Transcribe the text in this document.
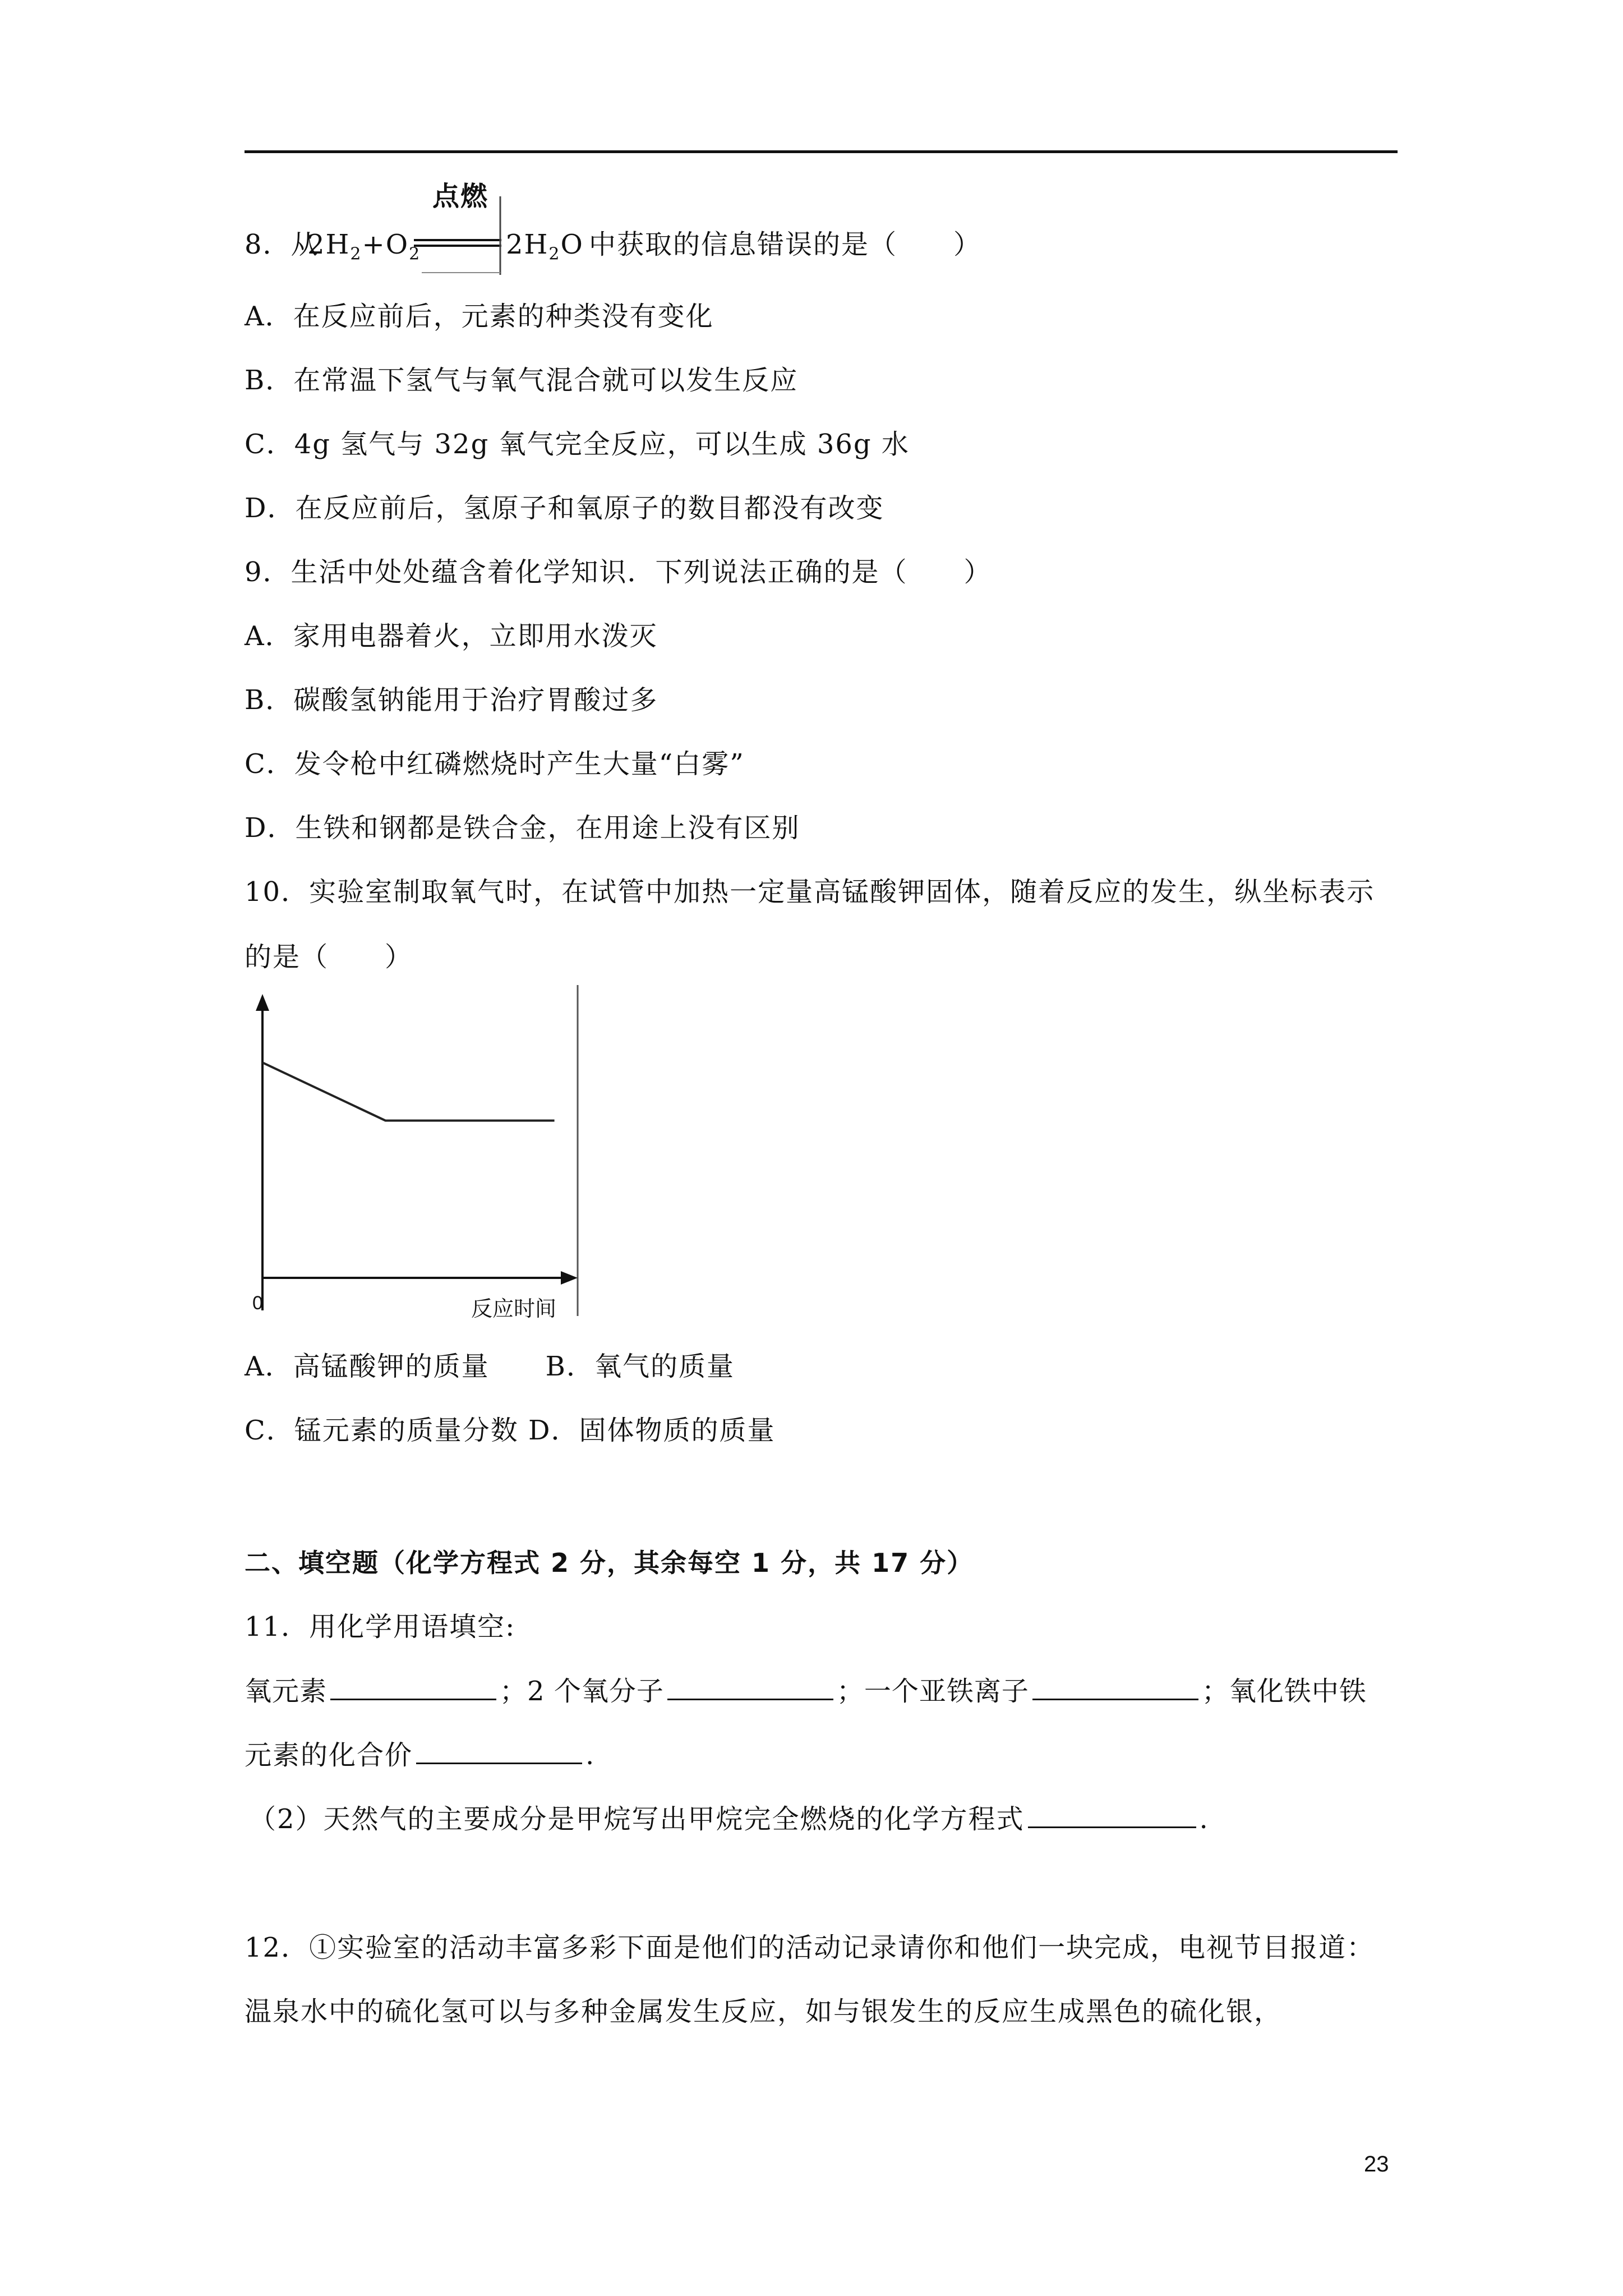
8．从
$2H_2+O_2$
点燃
$2H_2O$ 中获取的信息错误的是（　　）
A．在反应前后，元素的种类没有变化
B．在常温下氢气与氧气混合就可以发生反应
C．4g 氢气与 32g 氧气完全反应，可以生成 36g 水
D．在反应前后，氢原子和氧原子的数目都没有改变
9．生活中处处蕴含着化学知识．下列说法正确的是（　　）
A．家用电器着火，立即用水泼灭
B．碳酸氢钠能用于治疗胃酸过多
C．发令枪中红磷燃烧时产生大量“白雾”
D．生铁和钢都是铁合金，在用途上没有区别
10．实验室制取氧气时，在试管中加热一定量高锰酸钾固体，随着反应的发生，纵坐标表示
的是（　　）
0	反应时间
A．高锰酸钾的质量　　B．氧气的质量
C．锰元素的质量分数 D．固体物质的质量
二、填空题（化学方程式 2 分，其余每空 1 分，共 17 分）
11．用化学用语填空:
氧元素	；2 个氧分子	；一个亚铁离子	；氧化铁中铁
元素的化合价	.
（2）天然气的主要成分是甲烷写出甲烷完全燃烧的化学方程式	.
12．①实验室的活动丰富多彩下面是他们的活动记录请你和他们一块完成，电视节目报道：
温泉水中的硫化氢可以与多种金属发生反应，如与银发生的反应生成黑色的硫化银，
23
